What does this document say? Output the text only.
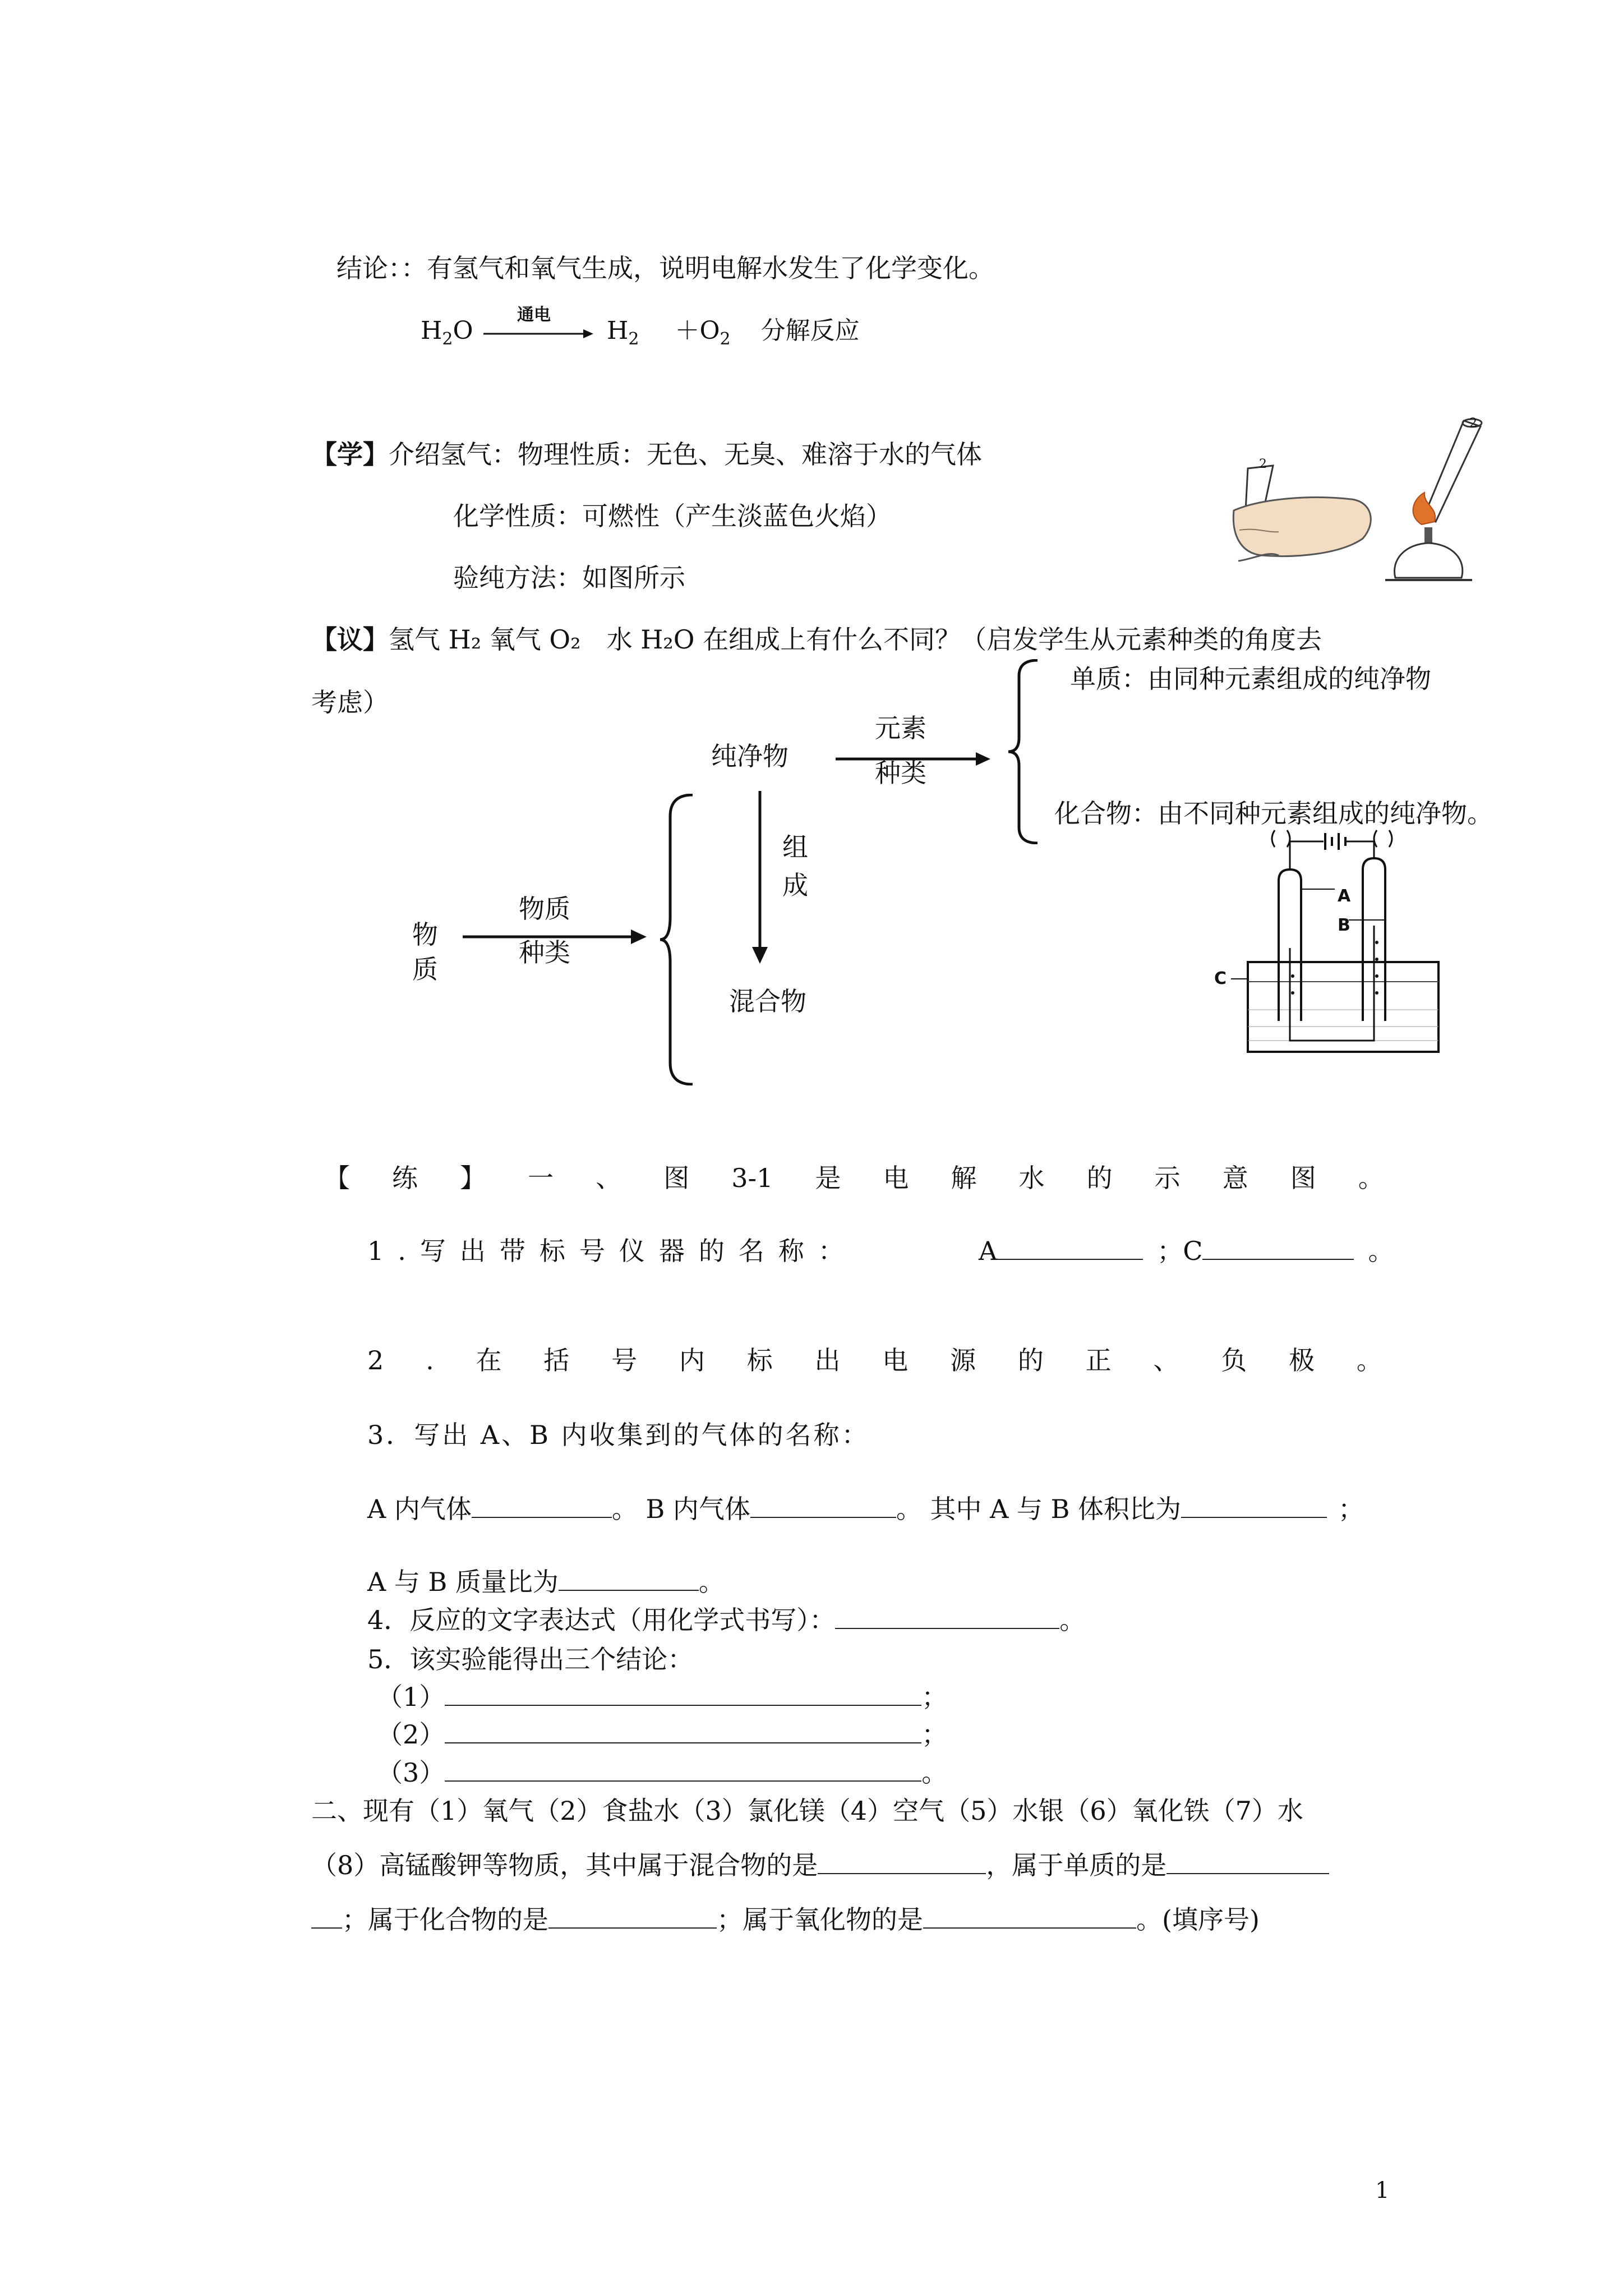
结论：：有氢气和氧气生成，说明电解水发生了化学变化。
$H_2O$
通电
$H_2 +O_2$ 分解反应
【学】介绍氢气：物理性质：无色、无臭、难溶于水的气体
化学性质：可燃性（产生淡蓝色火焰）
验纯方法：如图所示
2
2
【议】氢气 H₂ 氧气 O₂　水 H₂O 在组成上有什么不同？（启发学生从元素种类的角度去
考虑）
物质
物质
种类
纯净物
元素
种类
单质：由同种元素组成的纯净物
化合物：由不同种元素组成的纯净物。
组
成
混合物
A
B
C
【 练 】 一 、 图 3-1 是 电 解 水 的 示 意 图 。
1 . 写 出 带 标 号 仪 器 的 名 称 ：	A	；C	。
2 . 在 括 号 内 标 出 电 源 的 正 、 负 极 。
3．写出 A、B 内收集到的气体的名称：
A 内气体	。 B 内气体	。 其中 A 与 B 体积比为	；
A 与 B 质量比为	。
4．反应的文字表达式（用化学式书写）：	。
5．该实验能得出三个结论：
（1）	；
（2）	；
（3）	。
二、现有（1）氧气（2）食盐水（3）氯化镁（4）空气（5）水银（6）氧化铁（7）水
（8）高锰酸钾等物质，其中属于混合物的是	，属于单质的是
；属于化合物的是	；属于氧化物的是	。(填序号)
1
